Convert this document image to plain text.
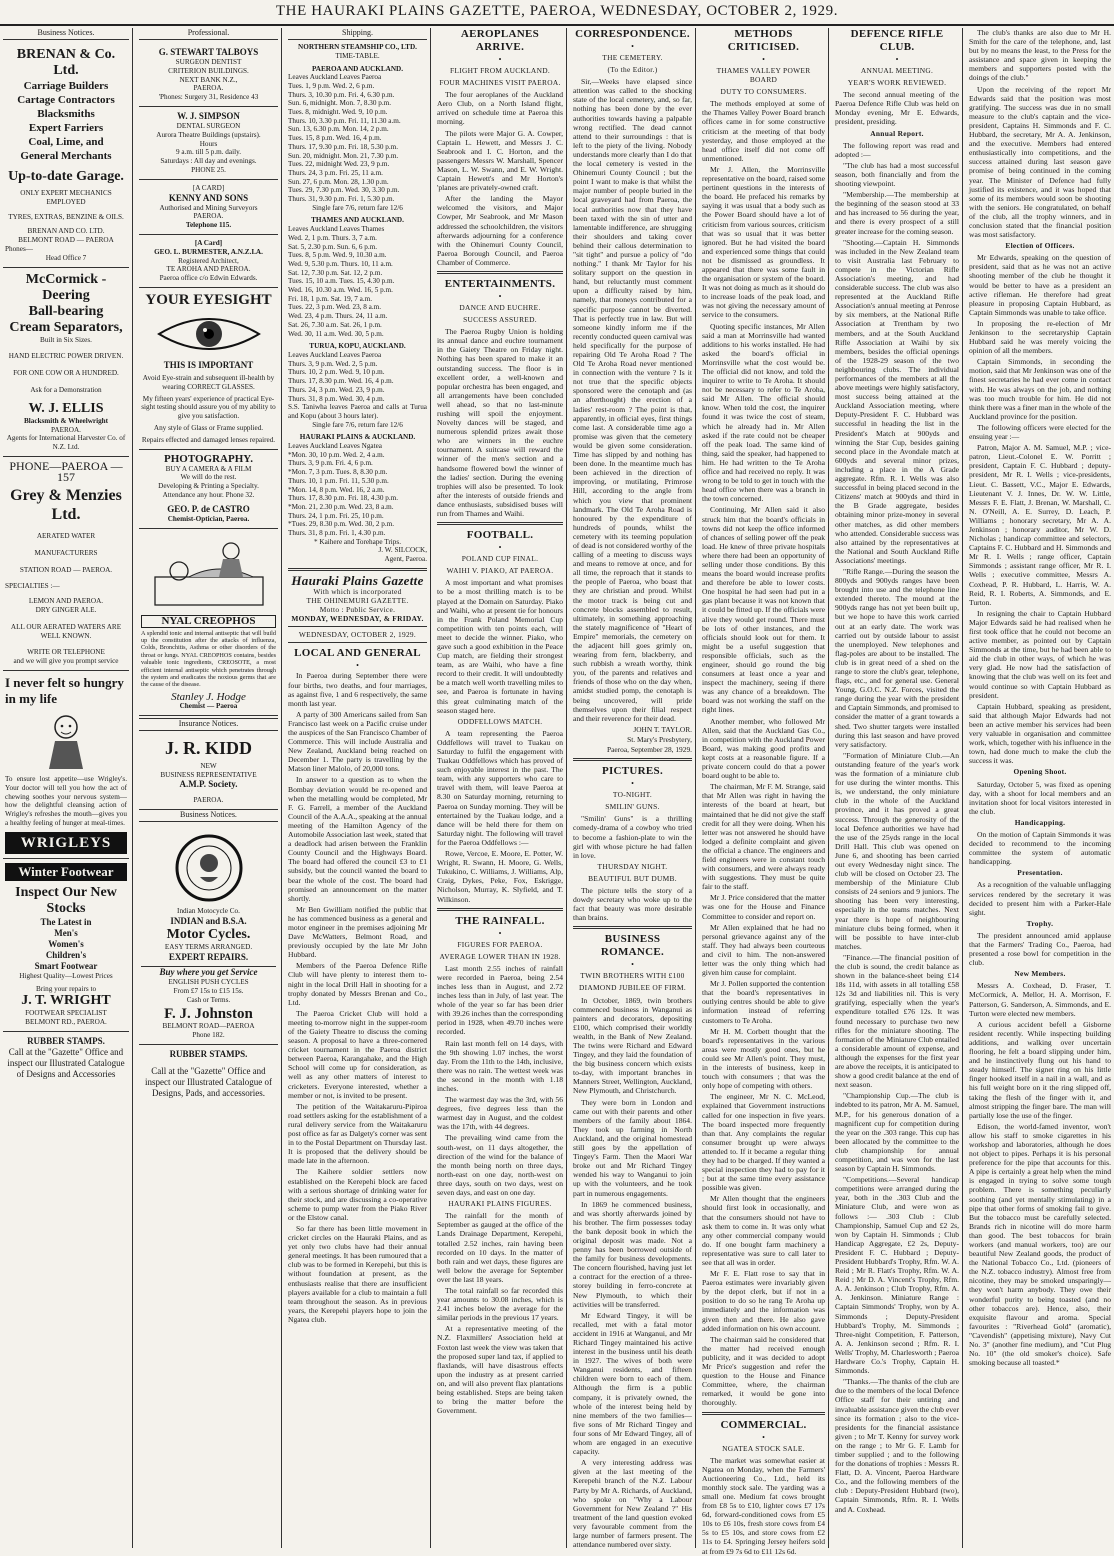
THE HAURAKI PLAINS GAZETTE, PAEROA, WEDNESDAY, OCTOBER 2, 1929.
Business Notices.
BRENAN & Co. Ltd.
Carriage Builders
Cartage Contractors
Blacksmiths
Expert Farriers
Coal, Lime, and
General Merchants
Up-to-date Garage.
ONLY EXPERT MECHANICS EMPLOYED
TYRES, EXTRAS, BENZINE & OILS.
BRENAN AND CO. LTD.
BELMONT ROAD — PAEROA
Phones—
Head Office 7
McCormick - Deering
Ball-bearing
Cream Separators,
Built in Six Sizes.
HAND ELECTRIC POWER DRIVEN.
FOR ONE COW OR A HUNDRED.
Ask for a Demonstration
W. J. ELLIS
Blacksmith & Wheelwright
PAEROA.
Agents for International Harvester Co. of N.Z. Ltd.
PHONE—PAEROA —157
Grey & Menzies Ltd.
AERATED WATER
MANUFACTURERS
STATION ROAD — PAEROA.
SPECIALTIES :—
LEMON AND PAEROA.
DRY GINGER ALE.
ALL OUR AERATED WATERS ARE WELL KNOWN.
WRITE OR TELEPHONE
and we will give you prompt service
I never felt so hungry in my life
To ensure lost appetite—use Wrigley's. Your doctor will tell you how the act of chewing soothes your nervous system—how the delightful cleansing action of Wrigley's refreshes the mouth—gives you a healthy feeling of hunger at meal-times.
WRIGLEYS
Winter Footwear
Inspect Our New Stocks
The Latest in
Men's
Women's
Children's
Smart Footwear
Highest Quality—Lowest Prices
Bring your repairs to
J. T. WRIGHT
FOOTWEAR SPECIALIST
BELMONT RD., PAEROA.
RUBBER STAMPS.
Call at the "Gazette" Office and inspect our Illustrated Catalogue of Designs and Accessories
Professional.
G. STEWART TALBOYS
SURGEON DENTIST
CRITERION BUILDINGS.
NEXT BANK N.Z.,
PAEROA.
'Phones: Surgery 31, Residence 43
W. J. SIMPSON
DENTAL SURGEON
Aurora Theatre Buildings (upstairs).
Hours
9 a.m. till 5 p.m. daily.
Saturdays : All day and evenings.
PHONE 25.
[A CARD]
KENNY AND SONS
Authorised and Mining Surveyors
PAEROA.
Telephone 115.
[A Card]
GEO. L. BURMESTER, A.N.Z.I.A.
Registered Architect,
TE AROHA AND PAEROA.
Paeroa office c/o Edwin Edwards.
YOUR EYESIGHT
THIS IS IMPORTANT
Avoid Eye-strain and subsequent ill-health by wearing CORRECT GLASSES.
My fifteen years' experience of practical Eye-sight testing should assure you of my ability to give you satisfaction.
Any style of Glass or Frame supplied.
Repairs effected and damaged lenses repaired.
PHOTOGRAPHY.
BUY A CAMERA & A FILM
We will do the rest.
Developing & Printing a Specialty.
Attendance any hour. Phone 32.
GEO. P. de CASTRO
Chemist-Optician, Paeroa.
NYAL CREOPHOS
A splendid tonic and internal antiseptic that will build up the constitution after the attacks of influenza, Colds, Bronchitis, Asthma or other disorders of the throat or lungs. NYAL CREOPHOS contains, besides valuable tonic ingredients, CREOSOTE, a most efficient internal antiseptic which penetrates through the system and eradicates the noxious germs that are the cause of the disease.
Stanley J. Hodge
Chemist — Paeroa
Insurance Notices.
J. R. KIDD
NEW
BUSINESS REPRESENTATIVE
A.M.P. Society.
PAEROA.
Business Notices.
Indian Motocycle Co.
INDIAN and B.S.A.
Motor Cycles.
EASY TERMS ARRANGED.
EXPERT REPAIRS.
Buy where you get Service
ENGLISH PUSH CYCLES
From £7 15s to £15 15s.
Cash or Terms.
F. J. Johnston
BELMONT ROAD—PAEROA
Phone 182.
RUBBER STAMPS.
Call at the "Gazette" Office and inspect our Illustrated Catalogue of Designs, Pads, and accessories.
Shipping.
NORTHERN STEAMSHIP CO., LTD.
TIME-TABLE.
PAEROA AND AUCKLAND.
Leaves Auckland Leaves Paeroa
Tues. 1, 9 p.m. Wed. 2, 6 p.m.
Thurs. 3, 10.30 p.m. Fri. 4, 6.30 p.m.
Sun. 6, midnight. Mon. 7, 8.30 p.m.
Tues. 8, midnight. Wed. 9, 10 p.m.
Thurs. 10, 3.30 p.m. Fri. 11, 11.30 a.m.
Sun. 13, 6.30 p.m. Mon. 14, 2 p.m.
Tues. 15, 8 p.m. Wed. 16, 4 p.m.
Thurs. 17, 9.30 p.m. Fri. 18, 5.30 p.m.
Sun. 20, midnight. Mon. 21, 7.30 p.m.
Tues. 22, midnight Wed. 23, 9 p.m.
Thurs. 24, 3 p.m. Fri. 25, 11 a.m.
Sun. 27, 6 p.m. Mon. 28, 1.30 p.m.
Tues. 29, 7.30 p.m. Wed. 30, 3.30 p.m.
Thurs. 31, 9.30 p.m. Fri. 1, 5.30 p.m.
Single fare 7/6, return fare 12/6
THAMES AND AUCKLAND.
Leaves Auckland Leaves Thames
Wed. 2, 1 p.m. Thurs. 3, 7 a.m.
Sat. 5, 2.30 p.m. Sun. 6, 6 p.m.
Tues. 8, 5 p.m. Wed. 9, 10.30 a.m.
Wed. 9, 5.30 p.m. Thurs. 10, 11 a.m.
Sat. 12, 7.30 p.m. Sat. 12, 2 p.m.
Tues. 15, 10 a.m. Tues. 15, 4.30 p.m.
Wed. 16, 10.30 a.m. Wed. 16, 5 p.m.
Fri. 18, 1 p.m. Sat. 19, 7 a.m.
Tues. 22, 3 p.m. Wed. 23, 8 a.m.
Wed. 23, 4 p.m. Thurs. 24, 11 a.m.
Sat. 26, 7.30 a.m. Sat. 26, 1 p.m.
Wed. 30, 11 a.m. Wed. 30, 5 p.m.
TURUA, KOPU, AUCKLAND.
Leaves Auckland Leaves Paeroa
Thurs. 3, 9 p.m. Wed. 2, 5 p.m.
Thurs. 10, 2 p.m. Wed. 9, 10 p.m.
Thurs. 17, 8.30 p.m. Wed. 16, 4 p.m.
Thurs. 24, 3 p.m. Wed. 23, 9 p.m.
Thurs. 31, 8 p.m. Wed. 30, 4 p.m.
S.S. Taniwha leaves Paeroa and calls at Turua and Kopu (about 3 hours later).
Single fare 7/6, return fare 12/6
HAURAKI PLAINS & AUCKLAND.
Leaves Auckland Leaves Ngatea
*Mon. 30, 10 p.m. Wed. 2, 4 a.m.
Thurs. 3, 9 p.m. Fri. 4, 6 p.m.
*Mon. 7, 3 p.m. Tues. 8, 8.30 p.m.
Thurs. 10, 1 p.m. Fri. 11, 5.30 p.m.
*Mon. 14, 8 p.m. Wed. 16, 2 a.m.
Thurs. 17, 8.30 p.m. Fri. 18, 4.30 p.m.
*Mon. 21, 2.30 p.m. Wed. 23, 8 a.m.
Thurs. 24, 1 p.m. Fri. 25, 10 p.m.
*Tues. 29, 8.30 p.m. Wed. 30, 2 p.m.
Thurs. 31, 8 p.m. Fri. 1, 4.30 p.m.
* Kaihere and Torehape Trips.
J. W. SILCOCK,
Agent, Paeroa.
Hauraki Plains Gazette
With which is incorporated
THE OHINEMURI GAZETTE.
Motto : Public Service.
MONDAY, WEDNESDAY, & FRIDAY.
WEDNESDAY, OCTOBER 2, 1929.
LOCAL AND GENERAL
•

In Paeroa during September there were four births, two deaths, and four marriages, as against five, 1 and 6 respectively, the same month last year.

A party of 300 Americans sailed from San Francisco last week on a Pacific cruise under the auspices of the San Francisco Chamber of Commerce. This will include Australia and New Zealand, Auckland being reached on December 1. The party is travelling by the Matson liner Malolo, of 20,000 tons.

In answer to a question as to when the Bombay deviation would be re-opened and when the metalling would be completed, Mr F. G. Farrell, a member of the Auckland Council of the A.A.A., speaking at the annual meeting of the Hamilton Agency of the Automobile Association last week, stated that a deadlock had arisen between the Franklin County Council and the Highways Board. The board had offered the council £3 to £1 subsidy, but the council wanted the board to bear the whole of the cost. The board had promised an announcement on the matter shortly.

Mr Ben Gwilliam notified the public that he has commenced business as a general and motor engineer in the premises adjoining Mr Dave McWatters, Belmont Road, and previously occupied by the late Mr John Hubbard.

Members of the Paeroa Defence Rifle Club will have plenty to interest them to-night in the local Drill Hall in shooting for a trophy donated by Messrs Brenan and Co., Ltd.

The Paeroa Cricket Club will hold a meeting to-morrow night in the supper-room of the Gaiety Theatre to discuss the coming season. A proposal to have a three-cornered cricket tournament in the Paeroa district between Paeroa, Karangahake, and the High School will come up for consideration, as well as any other matters of interest to cricketers. Everyone interested, whether a member or not, is invited to be present.

The petition of the Waitakaruru-Pipiroa road settlers asking for the establishment of a rural delivery service from the Waitakaruru post office as far as Dalgety's corner was sent in to the Postal Department on Thursday last. It is proposed that the delivery should be made late in the afternoon.

The Kaihere soldier settlers now established on the Kerepehi block are faced with a serious shortage of drinking water for their stock, and are discussing a co-operative scheme to pump water from the Piako River or the Elstow canal.

So far there has been little movement in cricket circles on the Hauraki Plains, and as yet only two clubs have had their annual general meetings. It has been rumoured that a club was to be formed in Kerepehi, but this is without foundation at present, as the enthusiasts realise that there are insufficient players available for a club to maintain a full team throughout the season. As in previous years, the Kerepehi players hope to join the Ngatea club.

AEROPLANES ARRIVE.
•
FLIGHT FROM AUCKLAND.
FOUR MACHINES VISIT PAEROA.

The four aeroplanes of the Auckland Aero Club, on a North Island flight, arrived on schedule time at Paeroa this morning.

The pilots were Major G. A. Cowper, Captain L. Hewett, and Messrs J. C. Seabrook and I. C. Horton, and the passengers Messrs W. Marshall, Spencer Mason, L. W. Swann, and E. W. Wright. Captain Hewett's and Mr Horton's 'planes are privately-owned craft.

After the landing the Mayor welcomed the visitors, and Major Cowper, Mr Seabrook, and Mr Mason addressed the schoolchildren, the visitors afterwards adjourning for a conference with the Ohinemuri County Council, Paeroa Borough Council, and Paeroa Chamber of Commerce.

ENTERTAINMENTS.
•
DANCE AND EUCHRE.
SUCCESS ASSURED.

The Paeroa Rugby Union is holding its annual dance and euchre tournament in the Gaiety Theatre on Friday night. Nothing has been spared to make it an outstanding success. The floor is in excellent order, a well-known and popular orchestra has been engaged, and all arrangements have been concluded well ahead, so that no last-minute rushing will spoil the enjoyment. Novelty dances will be staged, and numerous splendid prizes await those who are winners in the euchre tournament. A suitcase will reward the winner of the men's section and a handsome flowered bowl the winner of the ladies' section. During the evening trophies will also be presented. To look after the interests of outside friends and dance enthusiasts, subsidised buses will run from Thames and Waihi.

FOOTBALL.
•
POLAND CUP FINAL.
WAIHI V. PIAKO, AT PAEROA.

A most important and what promises to be a most thrilling match is to be played at the Domain on Saturday. Piako and Waihi, who at present tie for honours in the Frank Poland Memorial Cup competition with ten points each, will meet to decide the winner. Piako, who gave such a good exhibition in the Peace Cup match, are fielding their strongest team, as are Waihi, who have a fine record to their credit. It will undoubtedly be a match well worth travelling miles to see, and Paeroa is fortunate in having this great culminating match of the season staged here.

ODDFELLOWS MATCH.

A team representing the Paeroa Oddfellows will travel to Tuakau on Saturday to fulfil the engagement with Tuakau Oddfellows which has proved of such enjoyable interest in the past. The team, with any supporters who care to travel with them, will leave Paeroa at 8.30 on Saturday morning, returning to Paeroa on Sunday morning. They will be entertained by the Tuakau lodge, and a dance will be held there for them on Saturday night. The following will travel for the Paeroa Oddfellows :—

Rowe, Vercoe, E. Moore, E. Potter, W. Wright, R. Swann, H. Moore, G. Wells, Tukukino, C. Williams, J. Williams, Alp, Craig, Dykes, Peke, Fox, Eskrigge, Nicholson, Murray, K. Slyfield, and T. Wilkinson.

THE RAINFALL.
•
FIGURES FOR PAEROA.
AVERAGE LOWER THAN IN 1928.

Last month 2.55 inches of rainfall were recorded in Paeroa, being 2.54 inches less than in August, and 2.72 inches less than in July, of last year. The whole of the year so far has been drier with 39.26 inches than the corresponding period in 1928, when 49.70 inches were recorded.

Rain last month fell on 14 days, with the 9th showing 1.07 inches, the worst day. From the 11th to the 14th, inclusive, there was no rain. The wettest week was the second in the month with 1.18 inches.

The warmest day was the 3rd, with 56 degrees, five degrees less than the warmest day in August, and the coldest was the 17th, with 44 degrees.

The prevailing wind came from the south-west, on 11 days altogether, the direction of the wind for the balance of the month being north on three days, north-east on one day, north-west on three days, south on two days, west on seven days, and east on one day.

HAURAKI PLAINS FIGURES.

The rainfall for the month of September as gauged at the office of the Lands Drainage Department, Kerepehi, totalled 2.52 inches, rain having been recorded on 10 days. In the matter of both rain and wet days, these figures are well below the average for September over the last 18 years.

The total rainfall so far recorded this year amounts to 30.08 inches, which is 2.41 inches below the average for the similar periods in the previous 17 years.

At a representative meeting of the N.Z. Flaxmillers' Association held at Foxton last week the view was taken that the proposed super land tax, if applied to flaxlands, will have disastrous effects upon the industry as at present carried on, and will also prevent flax plantations being established. Steps are being taken to bring the matter before the Government.

CORRESPONDENCE.
•
THE CEMETERY.
(To the Editor.)

Sir,—Weeks have elapsed since attention was called to the shocking state of the local cemetery, and, so far, nothing has been done by the ever authorities towards having a palpable wrong rectified. The dead cannot attend to their surroundings : that is left to the piety of the living. Nobody understands more clearly than I do that the local cemetery is vested in the Ohinemuri County Council ; but the point I want to make is that whilst the major number of people buried in the local graveyard had from Paeroa, the local authorities now that they have been taxed with the sin of utter and lamentable indifference, are shrugging their shoulders and taking cover behind their callous determination to "sit tight" and pursue a policy of "do nothing." I thank Mr Taylor for his solitary support on the question in hand, but reluctantly must comment upon a difficulty raised by him, namely, that moneys contributed for a specific purpose cannot be diverted. That is perfectly true in law. But will someone kindly inform me if the recently conducted queen carnival was held specifically for the purpose of repairing Old Te Aroha Road ? The Old Te Aroha Road never mentioned in connection with the venture ? Is it not true that the specific objects sponsored were the cenotaph and (as an afterthought) the erection of a ladies' rest-room ? The point is that, apparently, in official eyes, first things come last. A considerable time ago a promise was given that the cemetery would be given some consideration. Time has slipped by and nothing has been done. In the meantime much has been achieved in the direction of improving, or mutilating, Primrose Hill, according to the angle from which you view that prominent landmark. The Old Te Aroha Road is honoured by the expenditure of hundreds of pounds, whilst the cemetery with its teeming population of dead is not considered worthy of the calling of a meeting to discuss ways and means to remove at once, and for all time, the reproach that it stands to the people of Paeroa, who boast that they are christian and proud. Whilst the motor track is being cut and concrete blocks assembled to result, ultimately, in something approaching the stately magnificence of "Heart of Empire" memorials, the cemetery on the adjacent hill goes grimly on, wearing from fern, blackberry, and such rubbish a wreath worthy, think you, of the parents and relatives and friends of those who on the day when, amidst studied pomp, the cenotaph is being uncovered, will pride themselves upon their filial respect and their reverence for their dead.

JOHN T. TAYLOR.
St. Mary's Presbytery,
Paeroa, September 28, 1929.
PICTURES.
•
TO-NIGHT.
SMILIN' GUNS.

"Smilin' Guns" is a thrilling comedy-drama of a cowboy who tried to become a fashion-plate to win the girl with whose picture he had fallen in love.

THURSDAY NIGHT.
BEAUTIFUL BUT DUMB.

The picture tells the story of a dowdy secretary who woke up to the fact that beauty was more desirable than brains.

BUSINESS ROMANCE.
•
TWIN BROTHERS WITH £100
DIAMOND JUBILEE OF FIRM.

In October, 1869, twin brothers commenced business in Wanganui as painters and decorators, depositing £100, which comprised their worldly wealth, in the Bank of New Zealand. The twins were Richard and Edward Tingey, and they laid the foundation of the big business concern which exists to-day, with important branches in Manners Street, Wellington, Auckland, New Plymouth, and Christchurch.

They were born in London and came out with their parents and other members of the family about 1864. They took up farming in North Auckland, and the original homestead still goes by the appellation of Tingey's Farm. Then the Maori War broke out and Mr Richard Tingey wended his way to Wanganui to join up with the volunteers, and he took part in numerous engagements.

In 1869 he commenced business, and was shortly afterwards joined by his brother. The firm possesses today the bank deposit book in which the original deposit was made. Not a penny has been borrowed outside of the family for business developments. The concern flourished, having just let a contract for the erection of a three-storey building in ferro-concrete at New Plymouth, to which their activities will be transferred.

Mr Edward Tingey, it will be recalled, met with a fatal motor accident in 1916 at Wanganui, and Mr Richard Tingey maintained his active interest in the business until his death in 1927. The wives of both were Wanganui residents, and fifteen children were born to each of them. Although the firm is a public company, it is privately owned, the whole of the interest being held by nine members of the two families—five sons of Mr Richard Tingey and four sons of Mr Edward Tingey, all of whom are engaged in an executive capacity.

A very interesting address was given at the last meeting of the Kerepehi branch of the N.Z. Labour Party by Mr A. Richards, of Auckland, who spoke on "Why a Labour Government for New Zealand ?" His treatment of the land question evoked very favourable comment from the large number of farmers present. The attendance numbered over sixty.

METHODS CRITICISED.
•
THAMES VALLEY POWER BOARD
DUTY TO CONSUMERS.

The methods employed at some of the Thames Valley Power Board branch offices came in for some constructive criticism at the meeting of that body yesterday, and those employed at the head office itself did not come off unmentioned.

Mr J. Allen, the Morrinsville representative on the board, raised some pertinent questions in the interests of the board. He prefaced his remarks by saying it was usual that a body such as the Power Board should have a lot of criticism from various sources, criticism that was so usual that it was better ignored. But he had visited the board and experienced some things that could not be dismissed as groundless. It appeared that there was some fault in the organisation or system of the board. It was not doing as much as it should do to increase loads of the peak load, and was not giving the necessary amount of service to the consumers.

Quoting specific instances, Mr Allen said a man at Morrinsville had wanted additions to his works installed. He had asked the board's official in Morrinsville what the cost would be. The official did not know, and told the inquirer to write to Te Aroha. It should not be necessary to refer to Te Aroha, said Mr Allen. The official should know. When told the cost, the inquirer found it was twice the cost of steam, which he already had in. Mr Allen asked if the rate could not be cheaper off the peak load. The same kind of thing, said the speaker, had happened to him. He had written to the Te Aroha office and had received no reply. It was wrong to be told to get in touch with the head office when there was a branch in the town concerned.

Continuing, Mr Allen said it also struck him that the board's officials in towns did not keep the office informed of chances of selling power off the peak load. He knew of three private hospitals where there had been an opportunity of selling under those conditions. By this means the board would increase profits and therefore be able to lower costs. One hospital he had seen had put in a gas plant because it was not known that it could be fitted up. If the officials were alive they would get round. There must be lots of other instances, and the officials should look out for them. It might be a useful suggestion that responsible officials, such as the engineer, should go round the big consumers at least once a year and inspect the machinery, seeing if there was any chance of a breakdown. The board was not working the staff on the right lines.

Another member, who followed Mr Allen, said that the Auckland Gas Co., in competition with the Auckland Power Board, was making good profits and kept costs at a reasonable figure. If a private concern could do that a power board ought to be able to.

The chairman, Mr F. M. Strange, said that Mr Allen was right in having the interests of the board at heart, but maintained that he did not give the staff credit for all they were doing. When his letter was not answered he should have lodged a definite complaint and given the official a chance. The engineers and field engineers were in constant touch with consumers, and were always ready with suggestions. They must be quite fair to the staff.

Mr J. Price considered that the matter was one for the House and Finance Committee to consider and report on.

Mr Allen explained that he had no personal grievance against any of the staff. They had always been courteous and civil to him. The non-answered letter was the only thing which had given him cause for complaint.

Mr J. Pollen supported the contention that the board's representatives in outlying centres should be able to give information instead of referring customers to Te Aroha.

Mr H. M. Corbett thought that the board's representatives in the various areas were mostly good ones, but he could see Mr Allen's point. They must, in the interests of business, keep in touch with consumers ; that was the only hope of competing with others.

The engineer, Mr N. C. McLeod, explained that Government instructions called for one inspection in five years. The board inspected more frequently than that. Any complaints the regular consumer brought up were always attended to. If it became a regular thing they had to be charged. If they wanted a special inspection they had to pay for it ; but at the same time every assistance possible was given.

Mr Allen thought that the engineers should first look in occasionally, and that the consumers should not have to ask them to come in. It was only what any other commercial company would do. If one bought farm machinery a representative was sure to call later to see that all was in order.

Mr F. E. Flatt rose to say that in Paeroa estimates were invariably given by the depot clerk, but if not in a position to do so he rang Te Aroha up immediately and the information was given then and there. He also gave added information on his own account.

The chairman said he considered that the matter had received enough publicity, and it was decided to adopt Mr Price's suggestion and refer the question to the House and Finance Committee, where, the chairman remarked, it would be gone into thoroughly.

COMMERCIAL.
•
NGATEA STOCK SALE.

The market was somewhat easier at Ngatea on Monday, when the Farmers' Auctioneering Co., Ltd., held its monthly stock sale. The yarding was a small one. Medium fat cows brought from £8 5s to £10, lighter cows £7 17s 6d, forward-conditioned cows from £5 10s to £6 10s, fresh store cows from £4 5s to £5 10s, and store cows from £2 11s to £4. Springing Jersey heifers sold at from £9 7s 6d to £11 12s 6d.

DEFENCE RIFLE CLUB.
•
ANNUAL MEETING.
YEAR'S WORK REVIEWED.

The second annual meeting of the Paeroa Defence Rifle Club was held on Monday evening, Mr E. Edwards, president, presiding.

Annual Report.

The following report was read and adopted :—

"The club has had a most successful season, both financially and from the shooting viewpoint.

"Membership.—The membership at the beginning of the season stood at 33 and has increased to 56 during the year, and there is every prospect of a still greater increase for the coming season.

"Shooting.—Captain H. Simmonds was included in the New Zealand team to visit Australia last February to compete in the Victorian Rifle Association's meeting, and had considerable success. The club was also represented at the Auckland Rifle Association's annual meeting at Penrose by six members, at the National Rifle Association at Trentham by two members, and at the South Auckland Rifle Association at Waihi by six members, besides the official openings of the 1928-29 season of the two neighbouring clubs. The individual performances of the members at all the above meetings were highly satisfactory, most success being attained at the Auckland Association meeting, where Deputy-President F. C. Hubbard was successful in heading the list in the President's Match at 900yds and winning the Star Cup, besides gaining second place in the Avondale match at 600yds and several minor prizes, including a place in the A Grade aggregate. Rfm. R. I. Wells was also successful in being placed second in the Citizens' match at 900yds and third in the B Grade aggregate, besides obtaining minor prize-money in several other matches, as did other members who attended. Considerable success was also attained by the representatives at the National and South Auckland Rifle Associations' meetings.

"Rifle Range.—During the season the 800yds and 900yds ranges have been brought into use and the telephone line extended thereto. The mound at the 900yds range has not yet been built up, but we hope to have this work carried out at an early date. The work was carried out by outside labour to assist the unemployed. New telephones and flag-poles are about to be installed. The club is in great need of a shed on the range to store the club's gear, telephone, flags, etc., and for general use. General Young, G.O.C. N.Z. Forces, visited the range during the year with the president and Captain Simmonds, and promised to consider the matter of a grant towards a shed. Two shutter targets were installed during this last season and have proved very satisfactory.

"Formation of Miniature Club.—An outstanding feature of the year's work was the formation of a miniature club for use during the winter months. This is, we understand, the only miniature club in the whole of the Auckland province, and it has proved a great success. Through the generosity of the local Defence authorities we have had the use of the 25yds range in the local Drill Hall. This club was opened on June 6, and shooting has been carried out every Wednesday night since. The club will be closed on October 23. The membership of the Miniature Club consists of 24 seniors and 9 juniors. The shooting has been very interesting, especially in the teams matches. Next year there is hope of neighbouring miniature clubs being formed, when it will be possible to have inter-club matches.

"Finance.—The financial position of the club is sound, the credit balance as shown in the balance-sheet being £14 18s 11d, with assets in all totalling £58 12s 3d and liabilities nil. This is very gratifying, especially when the year's expenditure totalled £76 12s. It was found necessary to purchase two new rifles for the miniature shooting. The formation of the Miniature Club entailed a considerable amount of expense, and although the expenses for the first year are above the receipts, it is anticipated to show a good credit balance at the end of next season.

"Championship Cup.—The club is indebted to its patron, Mr A. M. Samuel, M.P., for his generous donation of a magnificent cup for competition during the year on the .303 range. This cup has been allocated by the committee to the club championship for annual competition, and was won for the last season by Captain H. Simmonds.

"Competitions.—Several handicap competitions were arranged during the year, both in the .303 Club and the Miniature Club, and were won as follows :— .303 Club : Club Championship, Samuel Cup and £2 2s, won by Captain H. Simmonds ; Club Handicap Aggregate, £2 2s, Deputy-President F. C. Hubbard ; Deputy-President Hubbard's Trophy, Rfm. W. A. Reid ; Mr R. Flatt's Trophy, Rfm. W. A. Reid ; Mr D. A. Vincent's Trophy, Rfm. A. A. Jenkinson ; Club Trophy, Rfm. A. A. Jenkinson. Miniature Range : Captain Simmonds' Trophy, won by A. Simmonds ; Deputy-President Hubbard's Trophy, M. Simmonds ; Three-night Competition, F. Patterson, A. A. Jenkinson second ; Rfm. R. I. Wells' Trophy, M. Charlesworth ; Paeroa Hardware Co.'s Trophy, Captain H. Simmonds.

"Thanks.—The thanks of the club are due to the members of the local Defence Office staff for their untiring and invaluable assistance given the club ever since its formation ; also to the vice-presidents for the financial assistance given ; to Mr T. Kenny for survey work on the range ; to Mr G. F. Lamb for timber supplied ; and to the following for the donations of trophies : Messrs R. Flatt, D. A. Vincent, Paeroa Hardware Co., and the following members of the club : Deputy-President Hubbard (two), Captain Simmonds, Rfm. R. I. Wells and A. Coxhead.

The club's thanks are also due to Mr H. Smith for the care of the telephone, and, last but by no means the least, to the Press for the assistance and space given in keeping the members and supporters posted with the doings of the club."

Upon the receiving of the report Mr Edwards said that the position was most gratifying. The success was due in no small measure to the club's captain and the vice-president, Captains H. Simmonds and F. C. Hubbard, the secretary, Mr A. A. Jenkinson, and the executive. Members had entered enthusiastically into competitions, and the success attained during last season gave promise of being continued in the coming year. The Minister of Defence had fully justified its existence, and it was hoped that some of its members would soon be shooting with the seniors. He congratulated, on behalf of the club, all the trophy winners, and in conclusion stated that the financial position was most satisfactory.

Election of Officers.

Mr Edwards, speaking on the question of president, said that as he was not an active shooting member of the club he thought it would be better to have as a president an active rifleman. He therefore had great pleasure in proposing Captain Hubbard, as Captain Simmonds was unable to take office.

In proposing the re-election of Mr Jenkinson to the secretaryship Captain Hubbard said he was merely voicing the opinion of all the members.

Captain Simmonds, in seconding the motion, said that Mr Jenkinson was one of the finest secretaries he had ever come in contact with. He was always on the job, and nothing was too much trouble for him. He did not think there was a finer man in the whole of the Auckland province for the position.

The following officers were elected for the ensuing year :—

Patron, Major A. M. Samuel, M.P. ; vice-patron, Lieut.-Colonel E. W. Porritt ; president, Captain F. C. Hubbard ; deputy-president, Mr R. I. Wells ; vice-presidents, Lieut. C. Bassett, V.C., Major E. Edwards, Lieutenant V. J. Innes, Dr. W. W. Little, Messrs F. E. Flatt, J. Brenan, W. Marshall, C. N. O'Neill, A. E. Surrey, D. Leach, P. Williams ; honorary secretary, Mr A. A. Jenkinson ; honorary auditor, Mr W. D. Nicholas ; handicap committee and selectors, Captains F. C. Hubbard and H. Simmonds and Mr R. I. Wells ; range officer, Captain Simmonds ; assistant range officer, Mr R. I. Wells ; executive committee, Messrs A. Coxhead, P. R. Hubbard, L. Harris, W. A. Reid, R. I. Roberts, A. Simmonds, and E. Turton.

In resigning the chair to Captain Hubbard Major Edwards said he had realised when he first took office that he could not become an active member, as pointed out by Captain Simmonds at the time, but he had been able to aid the club in other ways, of which he was very glad. He now had the satisfaction of knowing that the club was well on its feet and would continue so with Captain Hubbard as president.

Captain Hubbard, speaking as president, said that although Major Edwards had not been an active member his services had been very valuable in organisation and committee work, which, together with his influence in the town, had done much to make the club the success it was.

Opening Shoot.

Saturday, October 5, was fixed as opening day, with a shoot for local members and an invitation shoot for local visitors interested in the club.

Handicapping.

On the motion of Captain Simmonds it was decided to recommend to the incoming committee the system of automatic handicapping.

Presentation.

As a recognition of the valuable unflagging services rendered by the secretary it was decided to present him with a Parker-Hale sight.

Trophy.

The president announced amid applause that the Farmers' Trading Co., Paeroa, had presented a rose bowl for competition in the club.

New Members.

Messrs A. Coxhead, D. Fraser, T. McCormick, A. Mellor, H. A. Morrison, F. Patterson, G. Sanderson, A. Simmonds, and E. Turton were elected new members.

A curious accident befell a Gisborne resident recently. While inspecting building additions, and walking over uncertain flooring, he felt a board slipping under him, and he instinctively flung out his hand to steady himself. The signet ring on his little finger hooked itself in a nail in a wall, and as his full weight bore on it the ring slipped off, taking the flesh of the finger with it, and almost stripping the finger bare. The man will partially lose the use of the finger.

Edison, the world-famed inventor, won't allow his staff to smoke cigarettes in his workshop and laboratories, although he does not object to pipes. Perhaps it is his personal preference for the pipe that accounts for this. A pipe is certainly a great help when the mind is engaged in trying to solve some tough problem. There is something peculiarly soothing (and yet mentally stimulating) in a pipe that other forms of smoking fail to give. But the tobacco must be carefully selected. Brands rich in nicotine will do more harm than good. The best tobaccos for brain workers (and manual workers, too) are our beautiful New Zealand goods, the product of the National Tobacco Co., Ltd. (pioneers of the N.Z. tobacco industry). Almost free from nicotine, they may be smoked unsparingly—they won't harm anybody. They owe their wonderful purity to being toasted (and no other tobaccos are). Hence, also, their exquisite flavour and aroma. Special favourites : "Riverhead Gold" (aromatic), "Cavendish" (appetising mixture), Navy Cut No. 3" (another fine medium), and "Cut Plug No. 10" (the old smoker's choice). Safe smoking because all toasted.*
